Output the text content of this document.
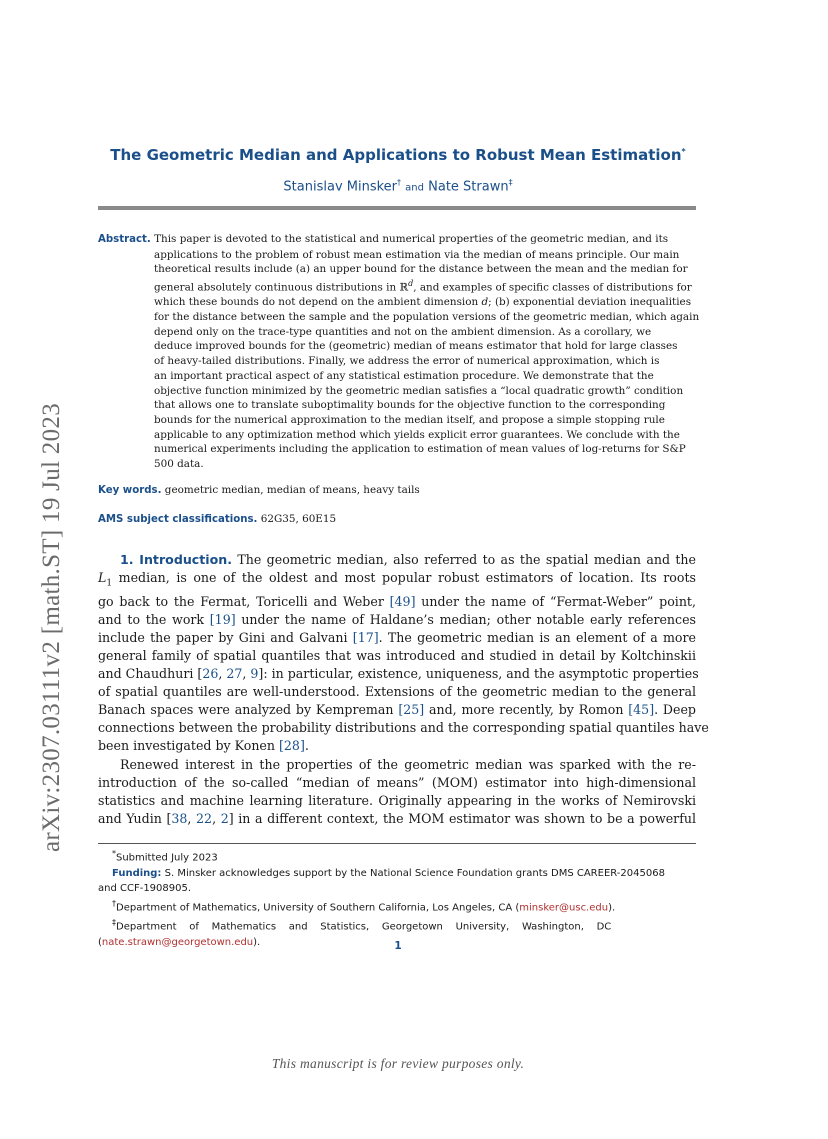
arXiv:2307.03111v2 [math.ST] 19 Jul 2023
The Geometric Median and Applications to Robust Mean Estimation*
Stanislav Minsker† and Nate Strawn‡
Abstract. This paper is devoted to the statistical and numerical properties of the geometric median, and its
applications to the problem of robust mean estimation via the median of means principle. Our main
theoretical results include (a) an upper bound for the distance between the mean and the median for
general absolutely continuous distributions in ℝ$^d$, and examples of specific classes of distributions for
which these bounds do not depend on the ambient dimension d; (b) exponential deviation inequalities
for the distance between the sample and the population versions of the geometric median, which again
depend only on the trace-type quantities and not on the ambient dimension. As a corollary, we
deduce improved bounds for the (geometric) median of means estimator that hold for large classes
of heavy-tailed distributions. Finally, we address the error of numerical approximation, which is
an important practical aspect of any statistical estimation procedure. We demonstrate that the
objective function minimized by the geometric median satisfies a “local quadratic growth” condition
that allows one to translate suboptimality bounds for the objective function to the corresponding
bounds for the numerical approximation to the median itself, and propose a simple stopping rule
applicable to any optimization method which yields explicit error guarantees. We conclude with the
numerical experiments including the application to estimation of mean values of log-returns for S&P
500 data.
Key words. geometric median, median of means, heavy tails
AMS subject classifications. 62G35, 60E15
1. Introduction. The geometric median, also referred to as the spatial median and the
$L_1$ median, is one of the oldest and most popular robust estimators of location. Its roots
go back to the Fermat, Toricelli and Weber [49] under the name of “Fermat-Weber” point,
and to the work [19] under the name of Haldane’s median; other notable early references
include the paper by Gini and Galvani [17]. The geometric median is an element of a more
general family of spatial quantiles that was introduced and studied in detail by Koltchinskii
and Chaudhuri [26, 27, 9]: in particular, existence, uniqueness, and the asymptotic properties
of spatial quantiles are well-understood. Extensions of the geometric median to the general
Banach spaces were analyzed by Kempreman [25] and, more recently, by Romon [45]. Deep
connections between the probability distributions and the corresponding spatial quantiles have
been investigated by Konen [28].
Renewed interest in the properties of the geometric median was sparked with the re-
introduction of the so-called “median of means” (MOM) estimator into high-dimensional
statistics and machine learning literature. Originally appearing in the works of Nemirovski
and Yudin [38, 22, 2] in a different context, the MOM estimator was shown to be a powerful
*Submitted July 2023
Funding: S. Minsker acknowledges support by the National Science Foundation grants DMS CAREER-2045068
and CCF-1908905.
†Department of Mathematics, University of Southern California, Los Angeles, CA (minsker@usc.edu).
‡Department    of    Mathematics    and    Statistics,    Georgetown    University,    Washington,    DC
(nate.strawn@georgetown.edu).	1
This manuscript is for review purposes only.
